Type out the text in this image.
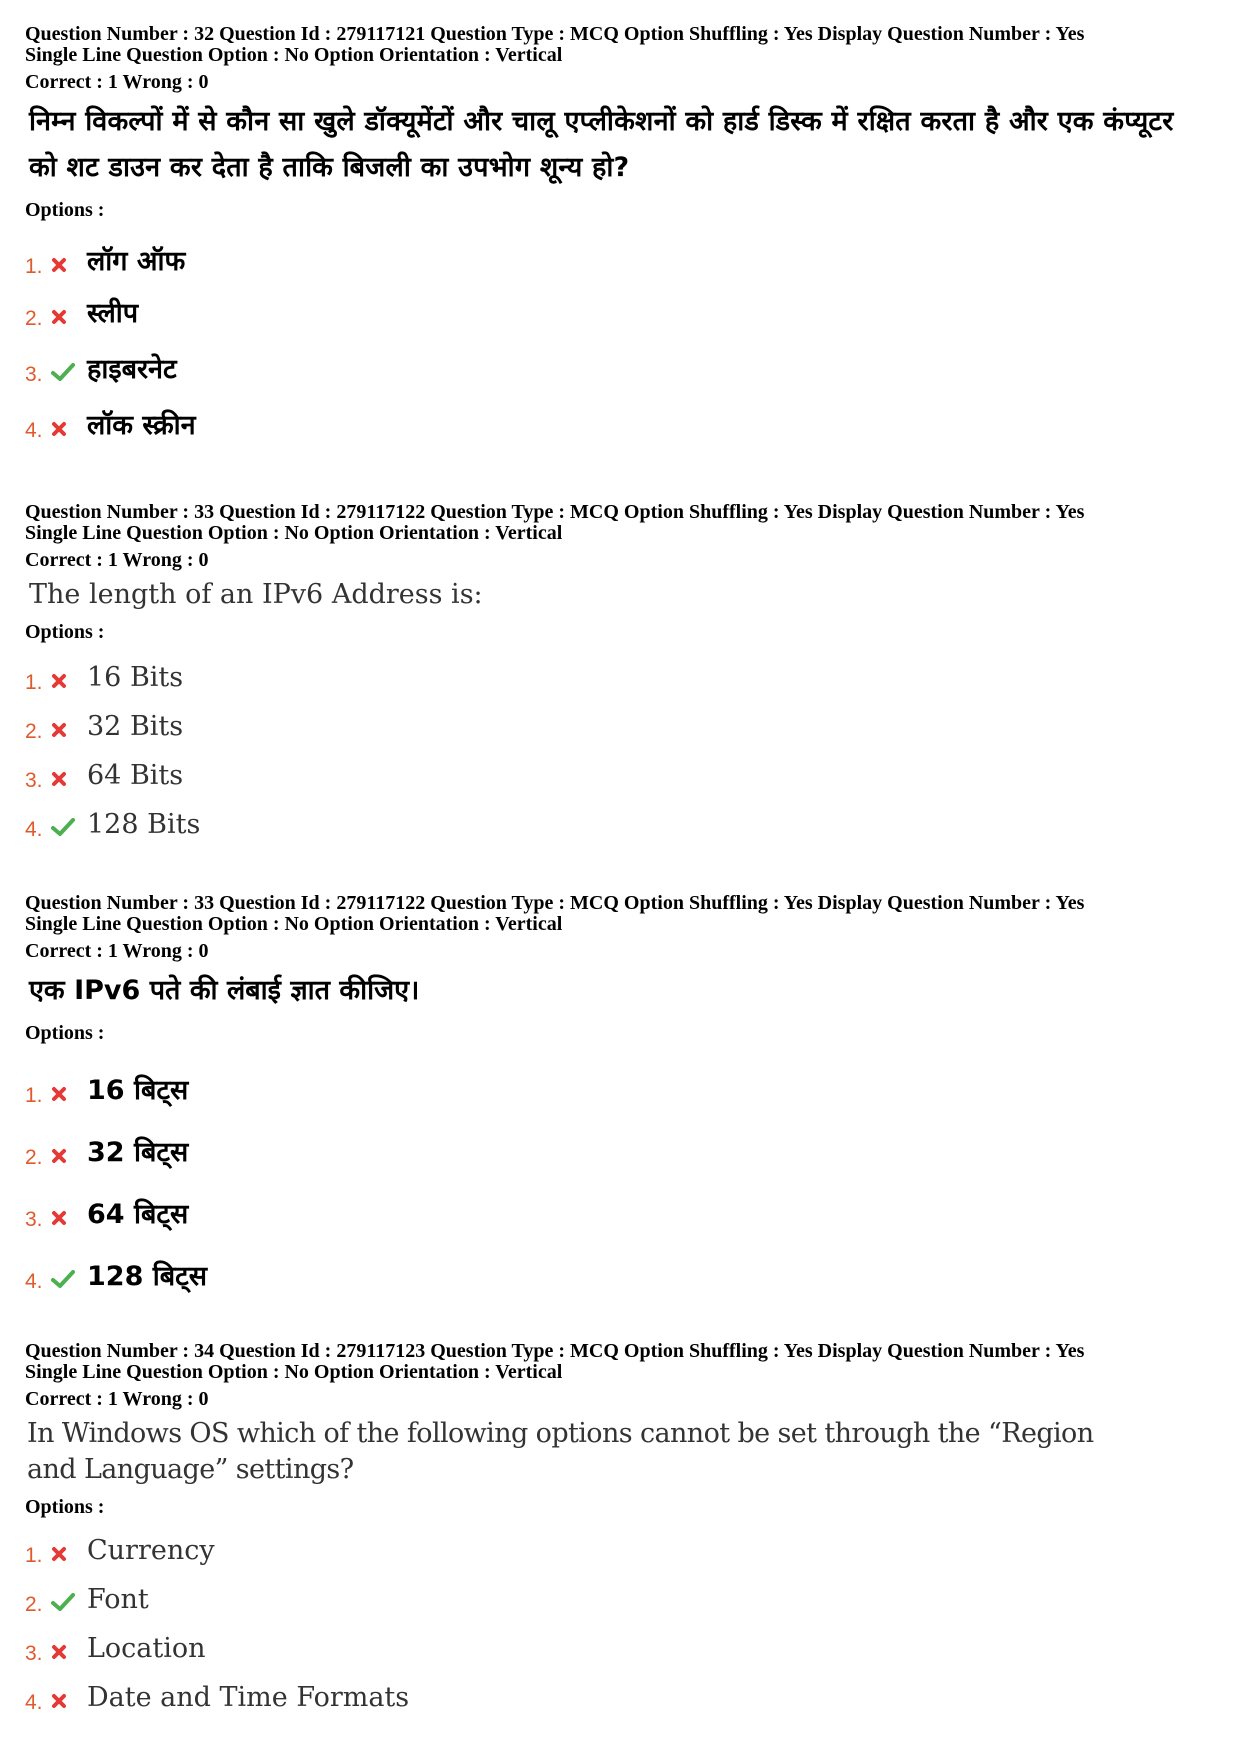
Question Number : 32 Question Id : 279117121 Question Type : MCQ Option Shuffling : Yes Display Question Number : Yes
Single Line Question Option : No Option Orientation : Vertical
Correct : 1 Wrong : 0
निम्न विकल्पों में से कौन सा खुले डॉक्यूमेंटों और चालू एप्लीकेशनों को हार्ड डिस्क में रक्षित करता है और एक कंप्यूटर को शट डाउन कर देता है ताकि बिजली का उपभोग शून्य हो?
Options :
1.	लॉग ऑफ
2.	स्लीप
3.	हाइबरनेट
4.	लॉक स्क्रीन
Question Number : 33 Question Id : 279117122 Question Type : MCQ Option Shuffling : Yes Display Question Number : Yes
Single Line Question Option : No Option Orientation : Vertical
Correct : 1 Wrong : 0
The length of an IPv6 Address is:
Options :
1.	16 Bits
2.	32 Bits
3.	64 Bits
4.	128 Bits
Question Number : 33 Question Id : 279117122 Question Type : MCQ Option Shuffling : Yes Display Question Number : Yes
Single Line Question Option : No Option Orientation : Vertical
Correct : 1 Wrong : 0
एक IPv6 पते की लंबाई ज्ञात कीजिए।
Options :
1.	16 बिट्स
2.	32 बिट्स
3.	64 बिट्स
4.	128 बिट्स
Question Number : 34 Question Id : 279117123 Question Type : MCQ Option Shuffling : Yes Display Question Number : Yes
Single Line Question Option : No Option Orientation : Vertical
Correct : 1 Wrong : 0
In Windows OS which of the following options cannot be set through the “Region
and Language” settings?
Options :
1.	Currency
2.	Font
3.	Location
4.	Date and Time Formats
